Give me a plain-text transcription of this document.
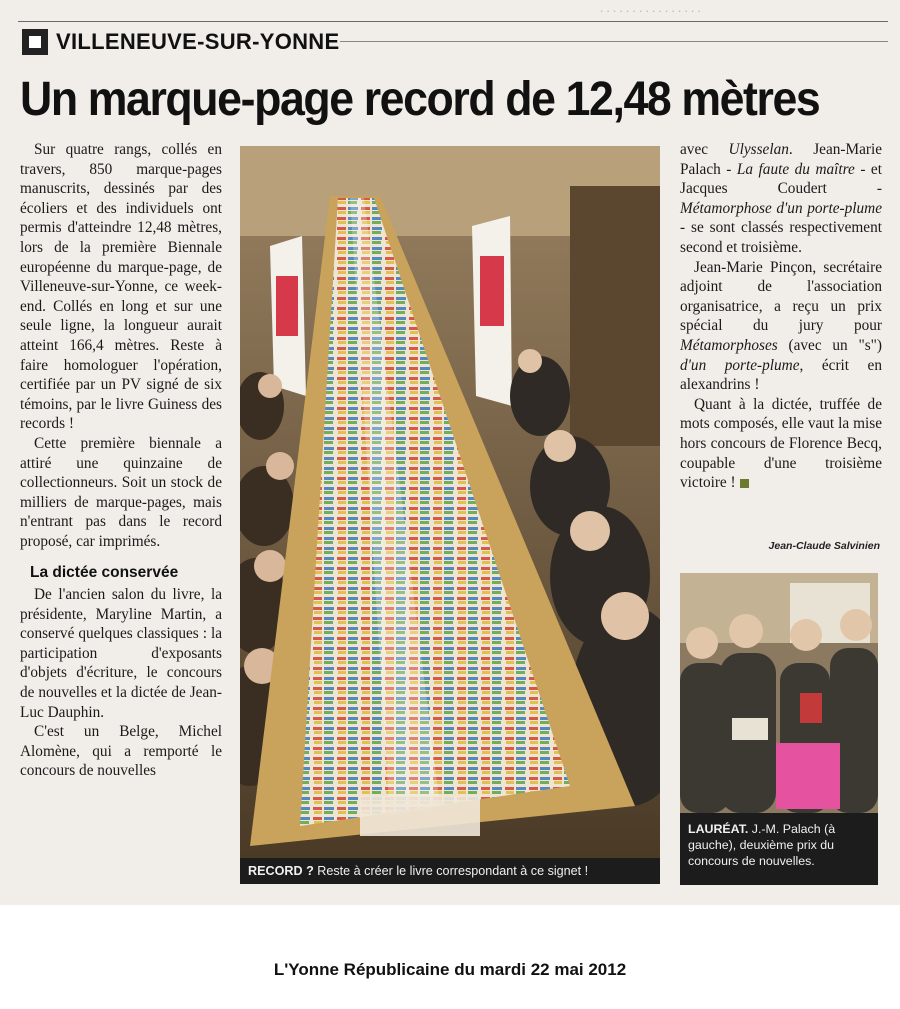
. . . . . . . . . . . . . . . .
VILLENEUVE-SUR-YONNE
Un marque-page record de 12,48 mètres

Sur quatre rangs, collés en travers, 850 marque-pages manuscrits, dessinés par des écoliers et des individuels ont permis d'atteindre 12,48 mètres, lors de la première Biennale européenne du marque-page, de Villeneuve-sur-Yonne, ce week-end. Collés en long et sur une seule ligne, la longueur aurait atteint 166,4 mètres. Reste à faire homologuer l'opération, certifiée par un PV signé de six témoins, par le livre Guiness des records !

Cette première biennale a attiré une quinzaine de collectionneurs. Soit un stock de milliers de marque-pages, mais n'entrant pas dans le record proposé, car imprimés.

La dictée conservée

De l'ancien salon du livre, la présidente, Maryline Martin, a conservé quelques classiques : la participation d'exposants d'objets d'écriture, le concours de nouvelles et la dictée de Jean-Luc Dauphin.

C'est un Belge, Michel Alomène, qui a remporté le concours de nouvelles

RECORD ? Reste à créer le livre correspondant à ce signet !

avec Ulysselan. Jean-Marie Palach - La faute du maître - et Jacques Coudert - Métamorphose d'un porte-plume - se sont classés respectivement second et troisième.

Jean-Marie Pinçon, secrétaire adjoint de l'association organisatrice, a reçu un prix spécial du jury pour Métamorphoses (avec un "s") d'un porte-plume, écrit en alexandrins !

Quant à la dictée, truffée de mots composés, elle vaut la mise hors concours de Florence Becq, coupable d'une troisième victoire !

Jean-Claude Salvinien
LAURÉAT. J.-M. Palach (à gauche), deuxième prix du concours de nouvelles.
L'Yonne Républicaine du mardi 22 mai 2012
